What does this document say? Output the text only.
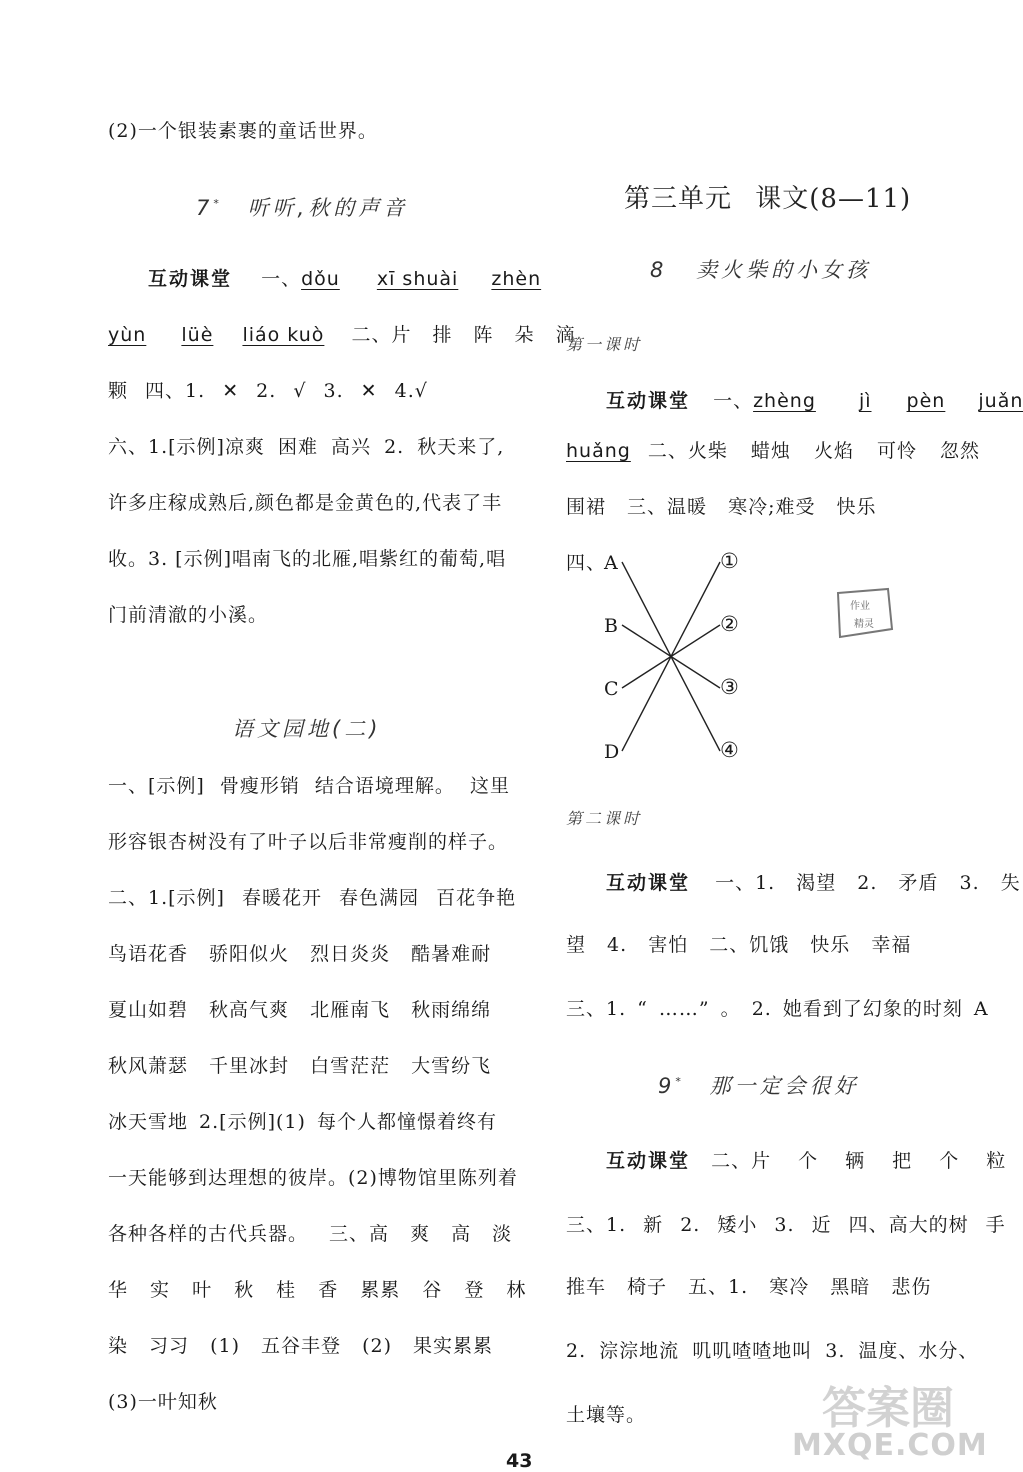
(2)一个银装素裹的童话世界。
7* 听听,秋的声音
互动课堂 一、dǒu xī shuài zhèn
yùn lüè liáo kuò 二、片 排 阵 朵 滴
颗 四、1. ✕ 2. √ 3. ✕ 4.√
六、1.[示例]凉爽 困难 高兴 2. 秋天来了,
许多庄稼成熟后,颜色都是金黄色的,代表了丰
收。3. [示例]唱南飞的北雁,唱紫红的葡萄,唱
门前清澈的小溪。
语文园地(二)
一、[示例] 骨瘦形销 结合语境理解。 这里
形容银杏树没有了叶子以后非常瘦削的样子。
二、1.[示例] 春暖花开 春色满园 百花争艳
鸟语花香 骄阳似火 烈日炎炎 酷暑难耐
夏山如碧 秋高气爽 北雁南飞 秋雨绵绵
秋风萧瑟 千里冰封 白雪茫茫 大雪纷飞
冰天雪地 2.[示例](1) 每个人都憧憬着终有
一天能够到达理想的彼岸。(2)博物馆里陈列着
各种各样的古代兵器。 三、高 爽 高 淡
华 实 叶 秋 桂 香 累累 谷 登 林
染 习习 (1) 五谷丰登 (2) 果实累累
(3)一叶知秋
第三单元 课文(8—11)
8 卖火柴的小女孩
第一课时
互动课堂 一、zhèng jì pèn juǎn
huǎng 二、火柴 蜡烛 火焰 可怜 忽然
围裙 三、温暖 寒冷;难受 快乐
四、
A
B
C
D
①
②
③
④
作业
精灵
第二课时
互动课堂 一、1. 渴望 2. 矛盾 3. 失
望 4. 害怕 二、饥饿 快乐 幸福
三、1. “ ……” 。 2. 她看到了幻象的时刻 A
9* 那一定会很好
互动课堂 二、片 个 辆 把 个 粒
三、1. 新 2. 矮小 3. 近 四、高大的树 手
推车 椅子 五、1. 寒冷 黑暗 悲伤
2. 淙淙地流 叽叽喳喳地叫 3. 温度、水分、
土壤等。	答案圈
MXQE.COM
43
